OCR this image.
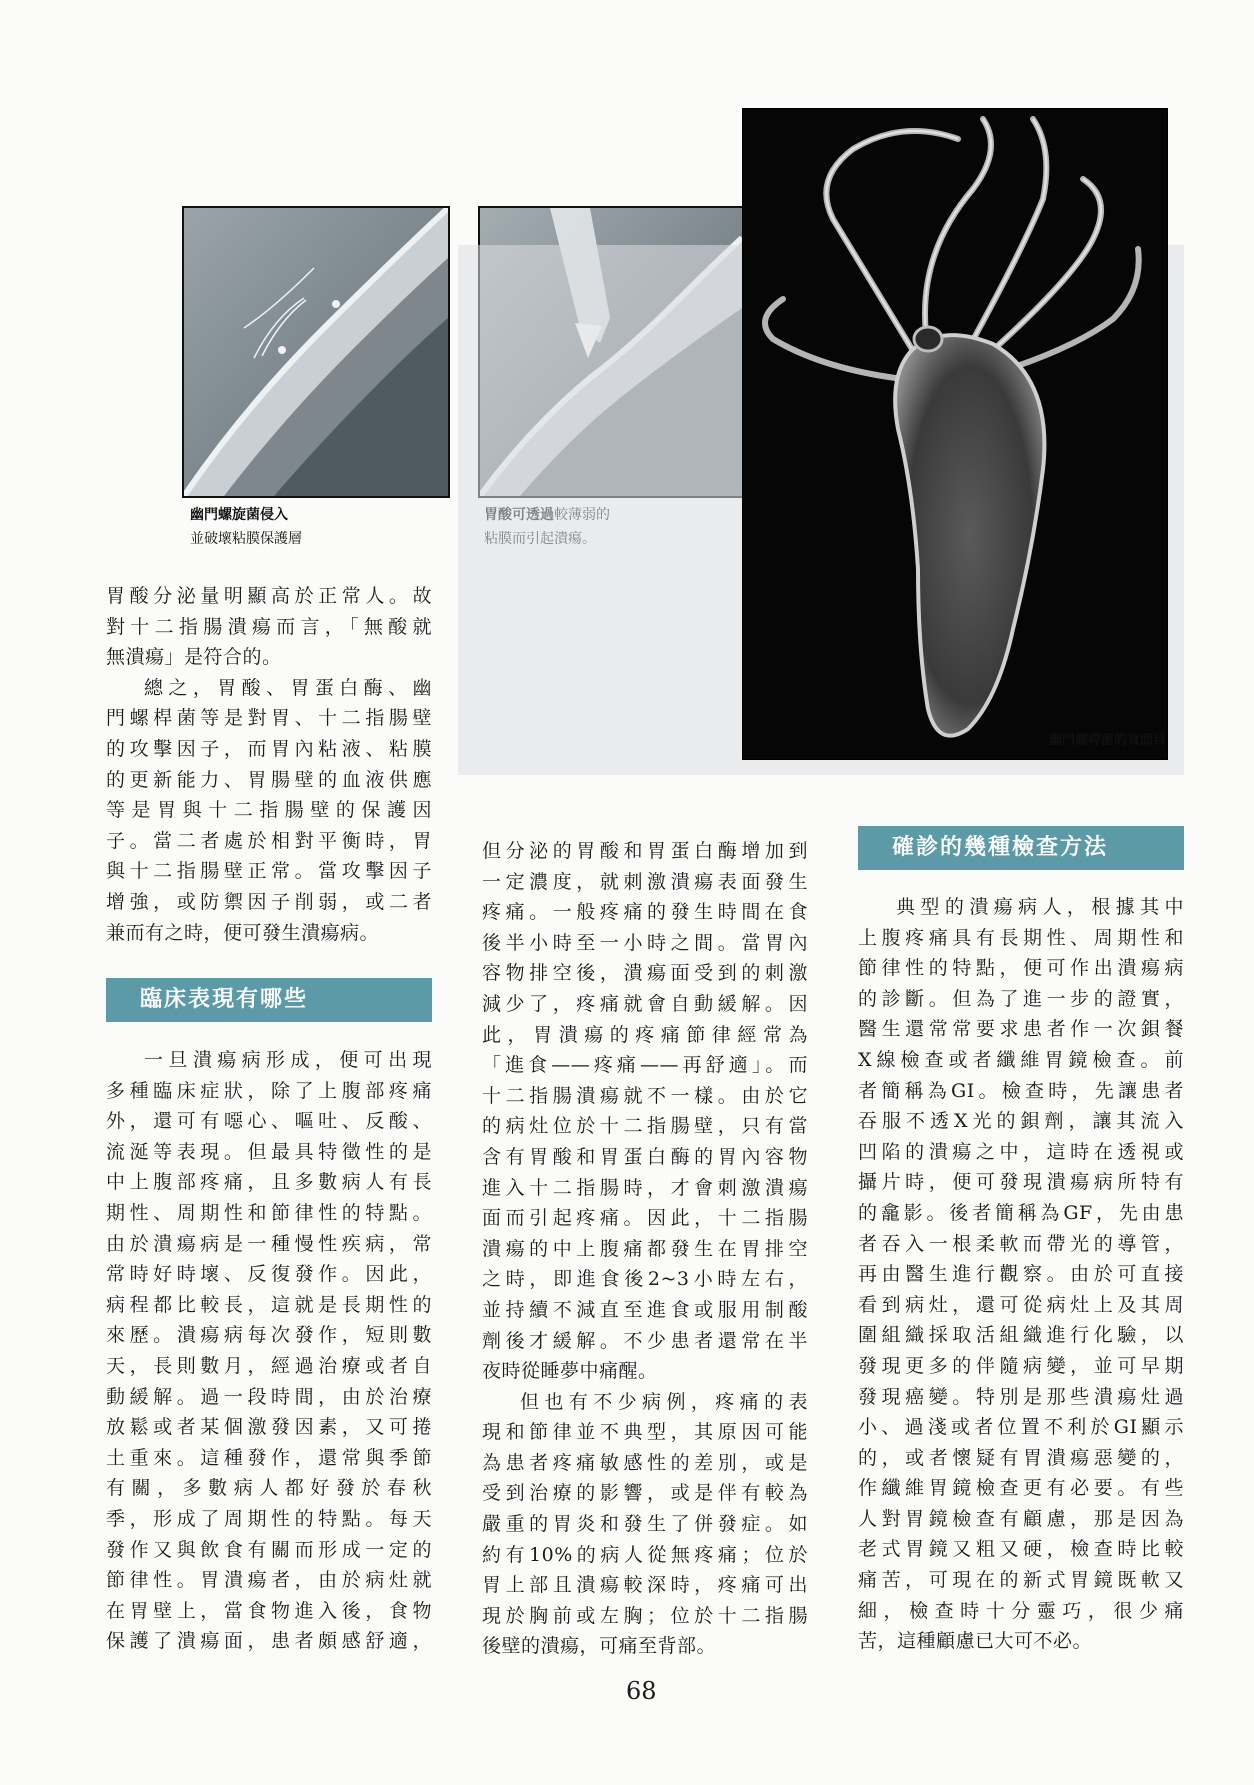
幽門螺旋菌侵入
並破壞粘膜保護層
幽門螺桿菌的真面目

胃酸分泌量明顯高於正常人。故

對十二指腸潰瘍而言，「無酸就

無潰瘍」是符合的。

總之，胃酸、胃蛋白酶、幽

門螺桿菌等是對胃、十二指腸壁

的攻擊因子，而胃內粘液、粘膜

的更新能力、胃腸壁的血液供應

等是胃與十二指腸壁的保護因

子。當二者處於相對平衡時，胃

與十二指腸壁正常。當攻擊因子

增強，或防禦因子削弱，或二者

兼而有之時，便可發生潰瘍病。

臨床表現有哪些

一旦潰瘍病形成，便可出現

多種臨床症狀，除了上腹部疼痛

外，還可有噁心、嘔吐、反酸、

流涎等表現。但最具特徵性的是

中上腹部疼痛，且多數病人有長

期性、周期性和節律性的特點。

由於潰瘍病是一種慢性疾病，常

常時好時壞、反復發作。因此，

病程都比較長，這就是長期性的

來歷。潰瘍病每次發作，短則數

天，長則數月，經過治療或者自

動緩解。過一段時間，由於治療

放鬆或者某個激發因素，又可捲

土重來。這種發作，還常與季節

有關，多數病人都好發於春秋

季，形成了周期性的特點。每天

發作又與飲食有關而形成一定的

節律性。胃潰瘍者，由於病灶就

在胃壁上，當食物進入後，食物

保護了潰瘍面，患者頗感舒適，

但分泌的胃酸和胃蛋白酶增加到

一定濃度，就刺激潰瘍表面發生

疼痛。一般疼痛的發生時間在食

後半小時至一小時之間。當胃內

容物排空後，潰瘍面受到的刺激

減少了，疼痛就會自動緩解。因

此，胃潰瘍的疼痛節律經常為

「進食——疼痛——再舒適」。而

十二指腸潰瘍就不一樣。由於它

的病灶位於十二指腸壁，只有當

含有胃酸和胃蛋白酶的胃內容物

進入十二指腸時，才會刺激潰瘍

面而引起疼痛。因此，十二指腸

潰瘍的中上腹痛都發生在胃排空

之時，即進食後2~3小時左右，

並持續不減直至進食或服用制酸

劑後才緩解。不少患者還常在半

夜時從睡夢中痛醒。

但也有不少病例，疼痛的表

現和節律並不典型，其原因可能

為患者疼痛敏感性的差別，或是

受到治療的影響，或是伴有較為

嚴重的胃炎和發生了併發症。如

約有10%的病人從無疼痛；位於

胃上部且潰瘍較深時，疼痛可出

現於胸前或左胸；位於十二指腸

後壁的潰瘍，可痛至背部。

確診的幾種檢查方法

典型的潰瘍病人，根據其中

上腹疼痛具有長期性、周期性和

節律性的特點，便可作出潰瘍病

的診斷。但為了進一步的證實，

醫生還常常要求患者作一次鋇餐

X線檢查或者纖維胃鏡檢查。前

者簡稱為GI。檢查時，先讓患者

吞服不透X光的鋇劑，讓其流入

凹陷的潰瘍之中，這時在透視或

攝片時，便可發現潰瘍病所特有

的龕影。後者簡稱為GF，先由患

者吞入一根柔軟而帶光的導管，

再由醫生進行觀察。由於可直接

看到病灶，還可從病灶上及其周

圍組織採取活組織進行化驗，以

發現更多的伴隨病變，並可早期

發現癌變。特別是那些潰瘍灶過

小、過淺或者位置不利於GI顯示

的，或者懷疑有胃潰瘍惡變的，

作纖維胃鏡檢查更有必要。有些

人對胃鏡檢查有顧慮，那是因為

老式胃鏡又粗又硬，檢查時比較

痛苦，可現在的新式胃鏡既軟又

細，檢查時十分靈巧，很少痛

苦，這種顧慮已大可不必。

68
